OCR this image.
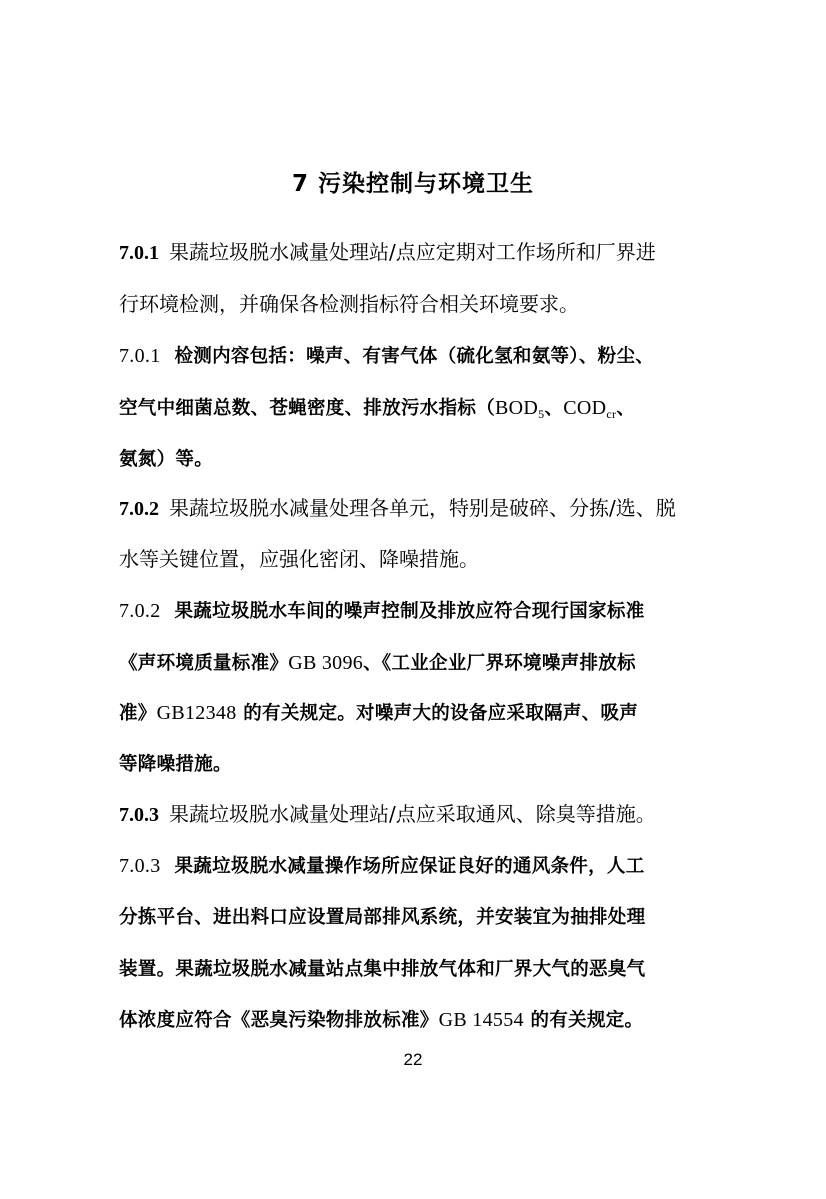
7 污染控制与环境卫生
7.0.1 果蔬垃圾脱水减量处理站/点应定期对工作场所和厂界进
行环境检测，并确保各检测指标符合相关环境要求。
7.0.1 检测内容包括：噪声、有害气体（硫化氢和氨等）、粉尘、
空气中细菌总数、苍蝇密度、排放污水指标（$BOD_5$、$COD_{cr}$、
氨氮）等。
7.0.2 果蔬垃圾脱水减量处理各单元，特别是破碎、分拣/选、脱
水等关键位置，应强化密闭、降噪措施。
7.0.2 果蔬垃圾脱水车间的噪声控制及排放应符合现行国家标准
《声环境质量标准》GB 3096、《工业企业厂界环境噪声排放标
准》GB12348 的有关规定。对噪声大的设备应采取隔声、吸声
等降噪措施。
7.0.3 果蔬垃圾脱水减量处理站/点应采取通风、除臭等措施。
7.0.3 果蔬垃圾脱水减量操作场所应保证良好的通风条件，人工
分拣平台、进出料口应设置局部排风系统，并安装宜为抽排处理
装置。果蔬垃圾脱水减量站点集中排放气体和厂界大气的恶臭气
体浓度应符合《恶臭污染物排放标准》GB 14554 的有关规定。
22
